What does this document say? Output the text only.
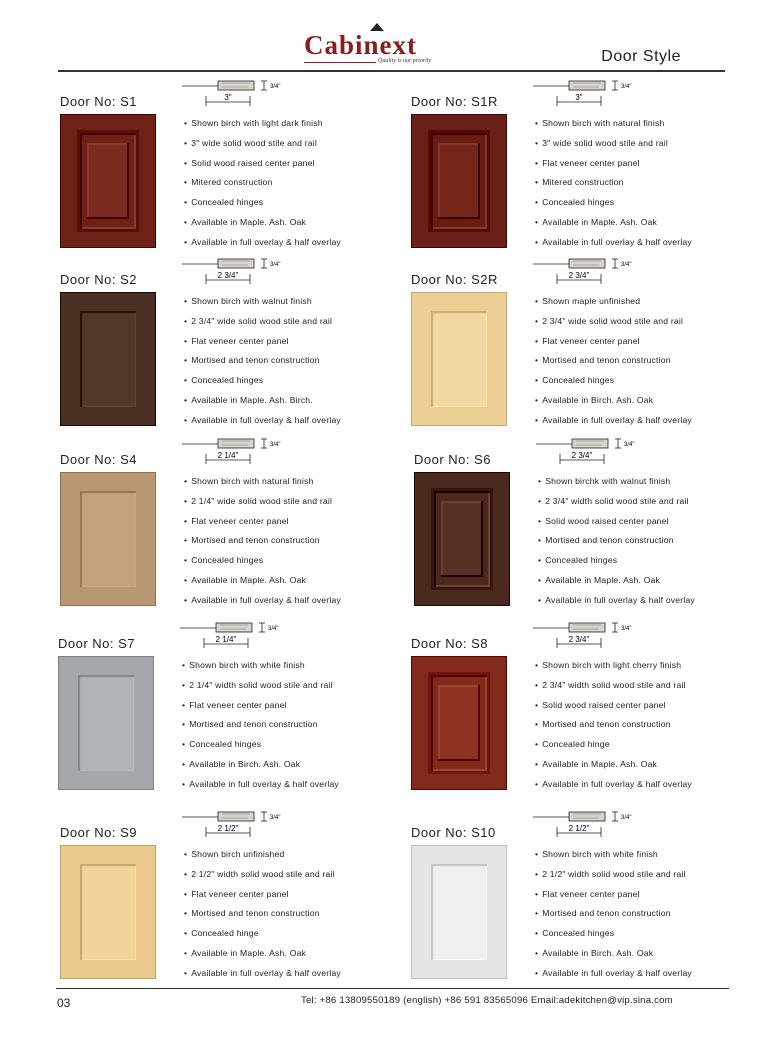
Cabinext
Quality is our priority	Door Style
Door No: S1	3"
3/4"
• Shown birch with light dark finish
• 3" wide solid wood stile and rail
• Solid wood raised center panel
• Mitered construction
• Concealed hinges
• Available in Maple. Ash. Oak
• Available in full overlay & half overlay
Door No: S1R	3"
3/4"
• Shown birch with natural finish
• 3" wide solid wood stile and rail
• Flat veneer center panel
• Mitered construction
• Concealed hinges
• Available in Maple. Ash. Oak
• Available in full overlay & half overlay
Door No: S2	2 3/4"
3/4"
• Shown birch with walnut finish
• 2 3/4" wide solid wood stile and rail
• Flat veneer center panel
• Mortised and tenon construction
• Concealed hinges
• Available in Maple. Ash. Birch.
• Available in full overlay & half overlay
Door No: S2R	2 3/4"
3/4"
• Shown maple unfinished
• 2 3/4" wide solid wood stile and rail
• Flat veneer center panel
• Mortised and tenon construction
• Concealed hinges
• Available in Birch. Ash. Oak
• Available in full overlay & half overlay
Door No: S4	2 1/4"
3/4"
• Shown birch with natural finish
• 2 1/4" wide solid wood stile and rail
• Flat veneer center panel
• Mortised and tenon construction
• Concealed hinges
• Available in Maple. Ash. Oak
• Available in full overlay & half overlay
Door No: S6	2 3/4"
3/4"
• Shown birchk with walnut finish
• 2 3/4" width solid wood stile and rail
• Solid wood raised center panel
• Mortised and tenon construction
• Concealed hinges
• Available in Maple. Ash. Oak
• Available in full overlay & half overlay
Door No: S7	2 1/4"
3/4"
• Shown birch with white finish
• 2 1/4" width solid wood stile and rail
• Flat veneer center panel
• Mortised and tenon construction
• Concealed hinges
• Available in Birch. Ash. Oak
• Available in full overlay & half overlay
Door No: S8	2 3/4"
3/4"
• Shown birch with light cherry finish
• 2 3/4" width solid wood stile and rail
• Solid wood raised center panel
• Mortised and tenon construction
• Concealed hinge
• Available in Maple. Ash. Oak
• Available in full overlay & half overlay
Door No: S9	2 1/2"
3/4"
• Shown birch unfinished
• 2 1/2" width solid wood stile and rail
• Flat veneer center panel
• Mortised and tenon construction
• Concealed hinge
• Available in Maple. Ash. Oak
• Available in full overlay & half overlay
Door No: S10	2 1/2"
3/4"
• Shown birch with white finish
• 2 1/2" width solid wood stile and rail
• Flat veneer center panel
• Mortised and tenon construction
• Concealed hinges
• Available in Birch. Ash. Oak
• Available in full overlay & half overlay
03	Tel: +86 13809550189 (english) +86 591 83565096 Email:adekitchen@vip.sina.com
